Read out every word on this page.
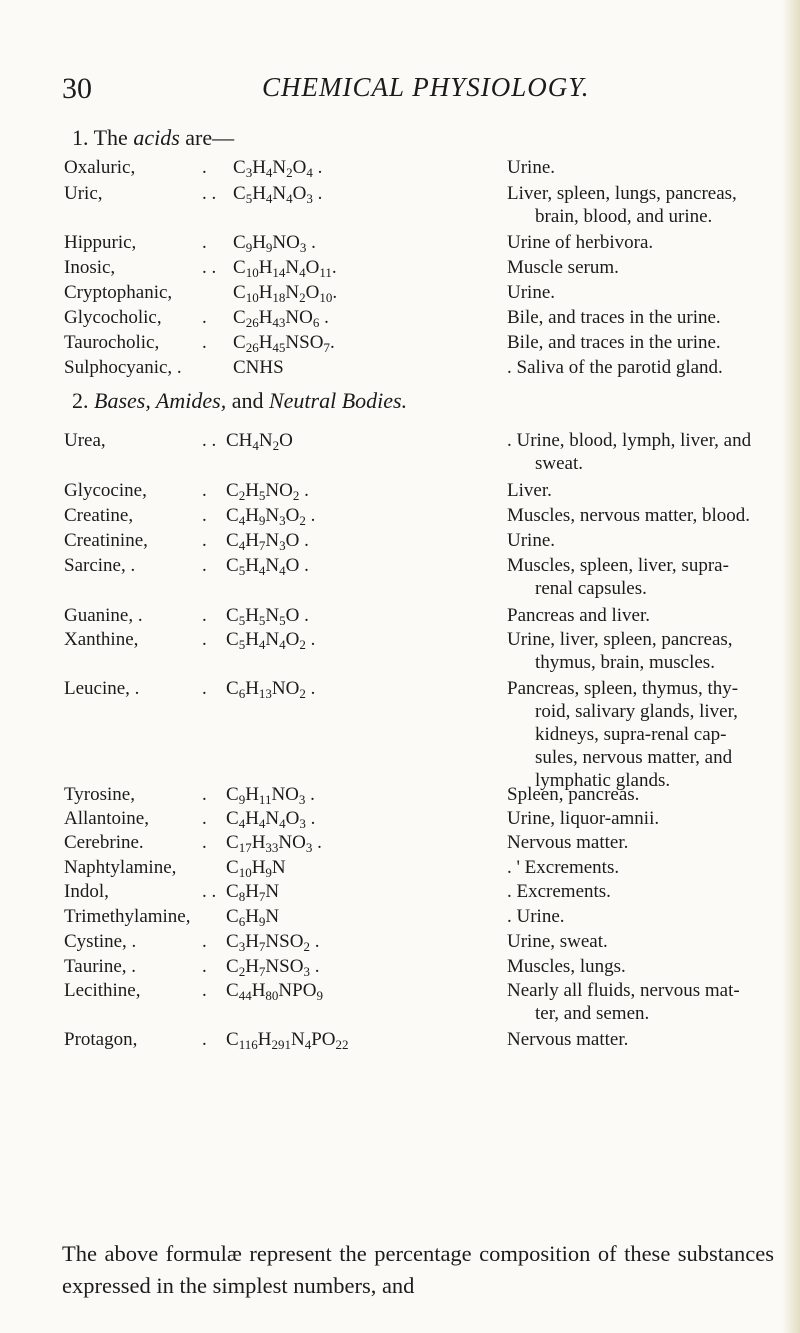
30	CHEMICAL PHYSIOLOGY.
1. The acids are—
Oxaluric,	. $C_3H_4N_2O_4$ .	Urine.
Uric,	. . $C_5H_4N_4O_3$ .	Liver, spleen, lungs, pancreas,
brain, blood, and urine.
Hippuric,	. $C_9H_9NO_3$ .	Urine of herbivora.
Inosic,	. . $C_{10}H_{14}N_4O_{11}$.	Muscle serum.
Cryptophanic,	$C_{10}H_{18}N_2O_{10}$.	Urine.
Glycocholic, . $C_{26}H_{43}NO_6$ .	Bile, and traces in the urine.
Taurocholic, . $C_{26}H_{45}NSO_7$.	Bile, and traces in the urine.
Sulphocyanic, .	CNHS	. Saliva of the parotid gland.
2. Bases, Amides, and Neutral Bodies.
Urea,	. . $CH_4N_2O$	. Urine, blood, lymph, liver, and
sweat.
Glycocine,	. $C_2H_5NO_2$ .	Liver.
Creatine,	. $C_4H_9N_3O_2$ .	Muscles, nervous matter, blood.
Creatinine,	. $C_4H_7N_3O$ .	Urine.
Sarcine, .	. $C_5H_4N_4O$ .	Muscles, spleen, liver, supra-
renal capsules.
Guanine, .	. $C_5H_5N_5O$ .	Pancreas and liver.
Xanthine,	. $C_5H_4N_4O_2$ .	Urine, liver, spleen, pancreas,
thymus, brain, muscles.
Leucine, .	. $C_6H_{13}NO_2$ .	Pancreas, spleen, thymus, thy-
roid, salivary glands, liver,
kidneys, supra-renal cap-
sules, nervous matter, and
lymphatic glands.
Tyrosine,	. $C_9H_{11}NO_3$ .	Spleen, pancreas.
Allantoine,	. $C_4H_4N_4O_3$ .	Urine, liquor-amnii.
Cerebrine.	. $C_{17}H_{33}NO_3$ .	Nervous matter.
Naphtylamine,	$C_{10}H_9N$	. ' Excrements.
Indol,	. . $C_8H_7N$	. Excrements.
Trimethylamine, $C_6H_9N$	. Urine.
Cystine, .	. $C_3H_7NSO_2$ .	Urine, sweat.
Taurine, .	. $C_2H_7NSO_3$ .	Muscles, lungs.
Lecithine,	. $C_{44}H_{80}NPO_9$	Nearly all fluids, nervous mat-
ter, and semen.
Protagon,	. $C_{116}H_{291}N_4PO_{22}$	Nervous matter.
The above formulæ represent the percentage composition of these substances expressed in the simplest numbers, and
